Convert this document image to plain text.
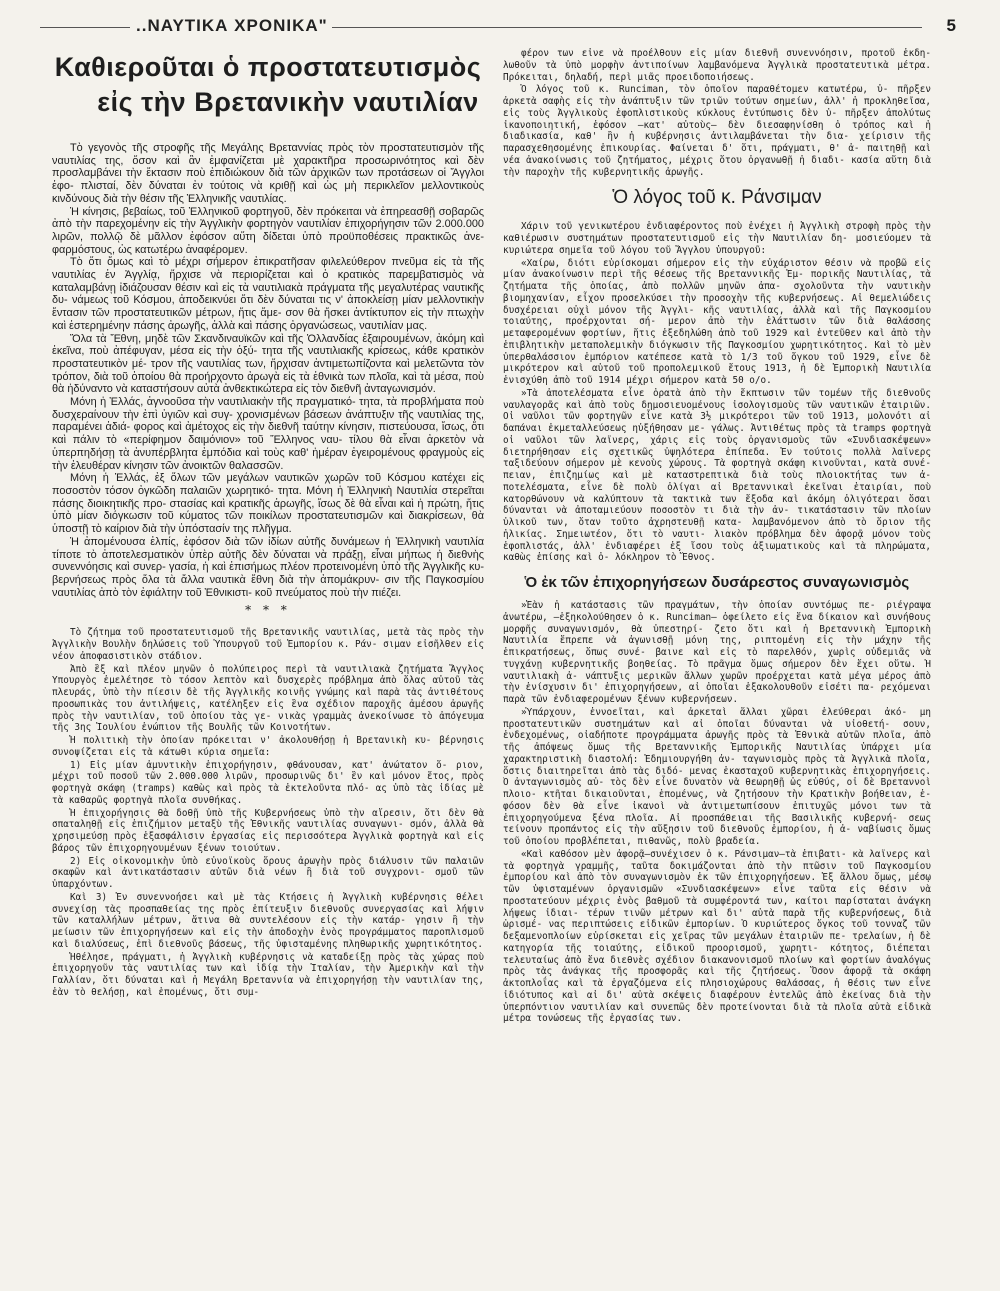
..ΝΑΥΤΙΚΑ ΧΡΟΝΙΚΑ"	5
Καθιεροῦται ὁ προστατευτισμὸς
εἰς τὴν Βρετανικὴν ναυτιλίαν

Τὸ γεγονὸς τῆς στροφῆς τῆς Μεγάλης Βρεταννίας πρὸς τὸν προστατευτισμὸν τῆς ναυτιλίας της, ὅσον καὶ ἂν ἐμφανίζεται μὲ χαρακτῆρα προσωρινότητος καὶ δὲν προσλαμβάνει τὴν ἔκτασιν ποὺ ἐπιδιώκουν διὰ τῶν ἀρχικῶν των προτάσεων οἱ Ἄγγλοι ἐφο- πλισταί, δὲν δύναται ἐν τούτοις νὰ κριθῇ καὶ ὡς μὴ περικλεῖον μελλοντικοὺς κινδύνους διὰ τὴν θέσιν τῆς Ἑλληνικῆς ναυτιλίας.

Ἡ κίνησις, βεβαίως, τοῦ Ἑλληνικοῦ φορτηγοῦ, δὲν πρόκειται νὰ ἐπηρεασθῇ σοβαρῶς ἀπὸ τὴν παρεχομένην εἰς τὴν Ἀγγλικὴν φορτηγὸν ναυτιλίαν ἐπιχορήγησιν τῶν 2.000.000 λιρῶν, πολλῷ δὲ μᾶλλον ἐφόσον αὕτη δίδεται ὑπὸ προϋποθέσεις πρακτικῶς ἀνε- φαρμόστους, ὡς κατωτέρω ἀναφέρομεν.

Τὸ ὅτι ὅμως καὶ τὸ μέχρι σήμερον ἐπικρατῆσαν φιλελεύθερον πνεῦμα εἰς τὰ τῆς ναυτιλίας ἐν Ἀγγλίᾳ, ἤρχισε νὰ περιορίζεται καὶ ὁ κρατικὸς παρεμβατισμὸς νὰ καταλαμβάνῃ ἰδιάζουσαν θέσιν καὶ εἰς τὰ ναυτιλιακὰ πράγματα τῆς μεγαλυτέρας ναυτικῆς δυ- νάμεως τοῦ Κόσμου, ἀποδεικνύει ὅτι δὲν δύναται τις ν' ἀποκλείσῃ μίαν μελλοντικὴν ἔντασιν τῶν προστατευτικῶν μέτρων, ἥτις ἄμε- σον θὰ ἤσκει ἀντίκτυπον εἰς τὴν πτωχὴν καὶ ἐστερημένην πάσης ἀρωγῆς, ἀλλὰ καὶ πάσης ὀργανώσεως, ναυτιλίαν μας.

Ὅλα τὰ Ἔθνη, μηδὲ τῶν Σκανδιναυϊκῶν καὶ τῆς Ὁλλανδίας ἐξαιρουμένων, ἀκόμη καὶ ἐκεῖνα, ποὺ ἀπέφυγαν, μέσα εἰς τὴν ὀξύ- τητα τῆς ναυτιλιακῆς κρίσεως, κάθε κρατικὸν προστατευτικὸν μέ- τρον τῆς ναυτιλίας των, ἤρχισαν ἀντιμετωπίζοντα καὶ μελετῶντα τὸν τρόπον, διὰ τοῦ ὁποίου θὰ προήρχοντο ἀρωγὰ εἰς τὰ ἐθνικὰ των πλοῖα, καὶ τὰ μέσα, ποὺ θὰ ἠδύναντο νὰ καταστήσουν αὐτὰ ἀνθεκτικώτερα εἰς τὸν διεθνῆ ἀνταγωνισμόν.

Μόνη ἡ Ἑλλάς, ἀγνοοῦσα τὴν ναυτιλιακὴν τῆς πραγματικό- τητα, τὰ προβλήματα ποὺ δυσχεραίνουν τὴν ἐπὶ ὑγιῶν καὶ συγ- χρονισμένων βάσεων ἀνάπτυξιν τῆς ναυτιλίας της, παραμένει ἀδιά- φορος καὶ ἀμέτοχος εἰς τὴν διεθνῆ ταύτην κίνησιν, πιστεύουσα, ἴσως, ὅτι καὶ πάλιν τὸ «περίφημον δαιμόνιον» τοῦ Ἕλληνος ναυ- τίλου θὰ εἶναι ἀρκετὸν νὰ ὑπερπηδήσῃ τὰ ἀνυπέρβλητα ἐμπόδια καὶ τοὺς καθ' ἡμέραν ἐγειρομένους φραγμοὺς εἰς τὴν ἐλευθέραν κίνησιν τῶν ἀνοικτῶν θαλασσῶν.

Μόνη ἡ Ἑλλάς, ἐξ ὅλων τῶν μεγάλων ναυτικῶν χωρῶν τοῦ Κόσμου κατέχει εἰς ποσοστὸν τόσον ὀγκῶδη παλαιῶν χωρητικό- τητα. Μόνη ἡ Ἑλληνικὴ Ναυτιλία στερεῖται πάσης διοικητικῆς προ- στασίας καὶ κρατικῆς ἀρωγῆς, ἴσως δὲ θὰ εἶναι καὶ ἡ πρώτη, ἥτις ὑπὸ μίαν διόγκωσιν τοῦ κύματος τῶν ποικίλων προστατευτισμῶν καὶ διακρίσεων, θὰ ὑποστῇ τὸ καίριον διὰ τὴν ὑπόστασίν της πλῆγμα.

Ἡ ἀπομένουσα ἐλπίς, ἐφόσον διὰ τῶν ἰδίων αὐτῆς δυνάμεων ἡ Ἑλληνικὴ ναυτιλία τίποτε τὸ ἀποτελεσματικὸν ὑπὲρ αὐτῆς δὲν δύναται νὰ πράξῃ, εἶναι μήπως ἡ διεθνὴς συνεννόησις καὶ συνερ- γασία, ἡ καὶ ἐπισήμως πλέον προτεινομένη ὑπὸ τῆς Ἀγγλικῆς κυ- βερνήσεως πρὸς ὅλα τὰ ἄλλα ναυτικὰ ἔθνη διὰ τὴν ἀπομάκρυν- σιν τῆς Παγκοσμίου ναυτιλίας ἀπὸ τὸν ἐφιάλτην τοῦ Ἐθνικιστι- κοῦ πνεύματος ποὺ τὴν πιέζει.

* * *

Τὸ ζήτημα τοῦ προστατευτισμοῦ τῆς Βρετανικῆς ναυτιλίας, μετὰ τὰς πρὸς τὴν Ἀγγλικὴν Βουλὴν δηλώσεις τοῦ Ὑπουργοῦ τοῦ Ἐμπορίου κ. Ράν- σιμαν εἰσῆλθεν εἰς νέον ἀποφασιστικὸν στάδιον.

Ἀπὸ ἓξ καὶ πλέον μηνῶν ὁ πολύπειρος περὶ τὰ ναυτιλιακὰ ζητήματα Ἄγγλος Ὑπουργὸς ἐμελέτησε τὸ τόσον λεπτὸν καὶ δυσχερὲς πρόβλημα ἀπὸ ὅλας αὐτοῦ τὰς πλευράς, ὑπὸ τὴν πίεσιν δὲ τῆς Ἀγγλικῆς κοινῆς γνώμης καὶ παρὰ τὰς ἀντιθέτους προσωπικὰς του ἀντιλήψεις, κατέληξεν εἰς ἓνα σχέδιον παροχῆς ἀμέσου ἀρωγῆς πρὸς τὴν ναυτιλίαν, τοῦ ὁποίου τὰς γε- νικὰς γραμμὰς ἀνεκοίνωσε τὸ ἀπόγευμα τῆς 3ης Ἰουλίου ἐνώπιον τῆς Βουλῆς τῶν Κοινοτήτων.

Ἡ πολιτικὴ τὴν ὁποίαν πρόκειται ν' ἀκολουθήσῃ ἡ Βρετανικὴ κυ- βέρνησις συνοψίζεται εἰς τὰ κάτωθι κύρια σημεῖα:

1) Εἰς μίαν ἀμυντικὴν ἐπιχορήγησιν, φθάνουσαν, κατ' ἀνώτατον ὅ- ριον, μέχρι τοῦ ποσοῦ τῶν 2.000.000 λιρῶν, προσωρινῶς δι' ἓν καὶ μόνον ἔτος, πρὸς φορτηγὰ σκάφη (tramps) καθὼς καὶ πρὸς τὰ ἐκτελοῦντα πλό- ας ὑπὸ τὰς ἰδίας μὲ τὰ καθαρῶς φορτηγὰ πλοῖα συνθήκας.

Ἡ ἐπιχορήγησις θὰ δοθῇ ὑπὸ τῆς Κυβερνήσεως ὑπὸ τὴν αἵρεσιν, ὅτι δὲν θὰ σπαταληθῇ εἰς ἐπιζήμιον μεταξὺ τῆς Ἐθνικῆς ναυτιλίας συναγωνι- σμόν, ἀλλὰ θὰ χρησιμεύσῃ πρὸς ἐξασφάλισιν ἐργασίας εἰς περισσότερα Ἀγγλικὰ φορτηγὰ καὶ εἰς βάρος τῶν ἐπιχορηγουμένων ξένων τοιούτων.

2) Εἰς οἰκονομικὴν ὑπὸ εὐνοϊκοὺς ὅρους ἀρωγὴν πρὸς διάλυσιν τῶν παλαιῶν σκαφῶν καὶ ἀντικατάστασιν αὐτῶν διὰ νέων ἢ διὰ τοῦ συγχρονι- σμοῦ τῶν ὑπαρχόντων.

Καὶ 3) Ἐν συνεννοήσει καὶ μὲ τὰς Κτήσεις ἡ Ἀγγλικὴ κυβέρνησις θέλει συνεχίσῃ τὰς προσπαθείας της πρὸς ἐπίτευξιν διεθνοῦς συνεργασίας καὶ λήψιν τῶν καταλλήλων μέτρων, ἅτινα θὰ συντελέσουν εἰς τὴν κατάρ- γησιν ἢ τὴν μείωσιν τῶν ἐπιχορηγήσεων καὶ εἰς τὴν ἀποδοχὴν ἑνὸς προγράμματος παροπλισμοῦ καὶ διαλύσεως, ἐπὶ διεθνοῦς βάσεως, τῆς ὑφισταμένης πληθωρικῆς χωρητικότητος.

Ἠθέλησε, πράγματι, ἡ Ἀγγλικὴ κυβέρνησις νὰ καταδείξῃ πρὸς τὰς χώρας ποὺ ἐπιχορηγοῦν τὰς ναυτιλίας των καὶ ἰδίᾳ τὴν Ἰταλίαν, τὴν Ἀμερικὴν καὶ τὴν Γαλλίαν, ὅτι δύναται καὶ ἡ Μεγάλη Βρεταννία νὰ ἐπιχορηγήσῃ τὴν ναυτιλίαν της, ἐὰν τὸ θελήσῃ, καὶ ἑπομένως, ὅτι συμ-

φέρον των εἶνε νὰ προέλθουν εἰς μίαν διεθνῆ συνεννόησιν, προτοῦ ἐκδη- λωθοῦν τὰ ὑπὸ μορφὴν ἀντιποίνων λαμβανόμενα Ἀγγλικὰ προστατευτικὰ μέτρα. Πρόκειται, δηλαδή, περὶ μιᾶς προειδοποιήσεως.

Ὁ λόγος τοῦ κ. Runciman, τὸν ὁποῖον παραθέτομεν κατωτέρω, ὑ- πῆρξεν ἀρκετὰ σαφὴς εἰς τὴν ἀνάπτυξιν τῶν τριῶν τούτων σημείων, ἀλλ' ἡ προκληθεῖσα, εἰς τοὺς Ἀγγλικοὺς ἐφοπλιστικοὺς κύκλους ἐντύπωσις δὲν ὑ- πῆρξεν ἀπολύτως ἱκανοποιητική, ἐφόσον —κατ' αὐτοὺς— δὲν διεσαφηνίσθη ὁ τρόπος καὶ ἡ διαδικασία, καθ' ἣν ἡ κυβέρνησις ἀντιλαμβάνεται τὴν δια- χείρισιν τῆς παρασχεθησομένης ἐπικουρίας. Φαίνεται δ' ὅτι, πράγματι, θ' ἀ- παιτηθῇ καὶ νέα ἀνακοίνωσις τοῦ ζητήματος, μέχρις ὅτου ὀργανωθῇ ἡ διαδι- κασία αὕτη διὰ τὴν παροχὴν τῆς κυβερνητικῆς ἀρωγῆς.

Ὁ λόγος τοῦ κ. Ράνσιμαν

Χάριν τοῦ γενικωτέρου ἐνδιαφέροντος ποὺ ἐνέχει ἡ Ἀγγλικὴ στροφὴ πρὸς τὴν καθιέρωσιν συστημάτων προστατευτισμοῦ εἰς τὴν Ναυτιλίαν δη- μοσιεύομεν τὰ κυριώτερα σημεῖα τοῦ λόγου τοῦ Ἄγγλου ὑπουργοῦ:

«Χαίρω, διότι εὑρίσκομαι σήμερον εἰς τὴν εὐχάριστον θέσιν νὰ προβῶ εἰς μίαν ἀνακοίνωσιν περὶ τῆς θέσεως τῆς Βρεταννικῆς Ἐμ- πορικῆς Ναυτιλίας, τὰ ζητήματα τῆς ὁποίας, ἀπὸ πολλῶν μηνῶν ἀπα- σχολοῦντα τὴν ναυτικὴν βιομηχανίαν, εἶχον προσελκύσει τὴν προσοχὴν τῆς κυβερνήσεως. Αἱ θεμελιώδεις δυσχέρειαι οὐχὶ μόνον τῆς Ἀγγλι- κῆς ναυτιλίας, ἀλλὰ καὶ τῆς Παγκοσμίου τοιαύτης, προέρχονται σή- μερον ἀπὸ τὴν ἐλάττωσιν τῶν διὰ θαλάσσης μεταφερομένων φορτίων, ἥτις ἐξεδηλώθη ἀπὸ τοῦ 1929 καὶ ἐντεῦθεν καὶ ἀπὸ τὴν ἐπιβλητικὴν μεταπολεμικὴν διόγκωσιν τῆς Παγκοσμίου χωρητικότητος. Καὶ τὸ μὲν ὑπερθαλάσσιον ἐμπόριον κατέπεσε κατὰ τὸ 1/3 τοῦ ὄγκου τοῦ 1929, εἶνε δὲ μικρότερον καὶ αὐτοῦ τοῦ προπολεμικοῦ ἔτους 1913, ἡ δὲ Ἐμπορικὴ Ναυτιλία ἐνισχύθη ἀπὸ τοῦ 1914 μέχρι σήμερον κατὰ 50 ο/ο.

»Τὰ ἀποτελέσματα εἶνε ὁρατὰ ἀπὸ τὴν ἔκπτωσιν τῶν τομέων τῆς διεθνοῦς ναυλαγορᾶς καὶ ἀπὸ τοὺς δημοσιευομένους ἰσολογισμοὺς τῶν ναυτικῶν ἑταιριῶν. Οἱ ναῦλοι τῶν φορτηγῶν εἶνε κατὰ 3½ μικρότεροι τῶν τοῦ 1913, μολονότι αἱ δαπάναι ἐκμεταλλεύσεως ηὐξήθησαν με- γάλως. Ἀντιθέτως πρὸς τὰ tramps φορτηγὰ οἱ ναῦλοι τῶν λαϊνερς, χάρις εἰς τοὺς ὀργανισμοὺς τῶν «Συνδιασκέψεων» διετηρήθησαν εἰς σχετικῶς ὑψηλότερα ἐπίπεδα. Ἐν τούτοις πολλὰ λαϊνερς ταξιδεύουν σήμερον μὲ κενοὺς χώρους. Τὰ φορτηγὰ σκάφη κινοῦνται, κατὰ συνέ- πειαν, ἐπιζημίως καὶ μὲ καταστρεπτικὰ διὰ τοὺς πλοιοκτήτας των ἀ- ποτελέσματα, εἶνε δὲ πολὺ ὀλίγαι αἱ Βρεταννικαὶ ἐκεῖναι ἑταιρίαι, ποὺ κατορθώνουν νὰ καλύπτουν τὰ τακτικὰ των ἔξοδα καὶ ἀκόμη ὀλιγότεραι ὅσαι δύνανται νὰ ἀποταμιεύουν ποσοστὸν τι διὰ τὴν ἀν- τικατάστασιν τῶν πλοίων ὑλικοῦ των, ὅταν τοῦτο ἀχρηστευθῇ κατα- λαμβανόμενον ἀπὸ τὸ ὅριον τῆς ἡλικίας. Σημειωτέον, ὅτι τὸ ναυτι- λιακὸν πρόβλημα δὲν ἀφορᾷ μόνον τοὺς ἐφοπλιστάς, ἀλλ' ἐνδιαφέρει ἐξ ἴσου τοὺς ἀξιωματικοὺς καὶ τὰ πληρώματα, καθὼς ἐπίσης καὶ ὁ- λόκληρον τὸ Ἔθνος.

Ὁ ἐκ τῶν ἐπιχορηγήσεων δυσάρεστος συναγωνισμὸς

»Ἐὰν ἡ κατάστασις τῶν πραγμάτων, τὴν ὁποίαν συντόμως πε- ριέγραψα ἀνωτέρω, —ἐξηκολούθησεν ὁ κ. Runciman— ὀφείλετο εἰς ἕνα δίκαιον καὶ συνήθους μορφῆς συναγωνισμόν, θὰ ὑπεστηρί- ζετο ὅτι καὶ ἡ Βρεταννικὴ Ἐμπορικὴ Ναυτιλία ἔπρεπε νὰ ἀγωνισθῇ μόνη της, ριπτομένη εἰς τὴν μάχην τῆς ἐπικρατήσεως, ὅπως συνέ- βαινε καὶ εἰς τὸ παρελθόν, χωρὶς οὐδεμιᾶς νὰ τυγχάνῃ κυβερνητικῆς βοηθείας. Τὸ πρᾶγμα ὅμως σήμερον δὲν ἔχει οὕτω. Ἡ ναυτιλιακὴ ἀ- νάπτυξις μερικῶν ἄλλων χωρῶν προέρχεται κατὰ μέγα μέρος ἀπὸ τὴν ἐνίσχυσιν δι' ἐπιχορηγήσεων, αἱ ὁποῖαι ἐξακολουθοῦν εἰσέτι πα- ρεχόμεναι παρὰ τῶν ἐνδιαφερομένων ξένων κυβερνήσεων.

»Ὑπάρχουν, ἐννοεῖται, καὶ ἀρκεταὶ ἄλλαι χῶραι ἐλεύθεραι ἀκό- μη προστατευτικῶν συστημάτων καὶ αἱ ὁποῖαι δύνανται νὰ υἱοθετή- σουν, ἐνδεχομένως, οἱαδήποτε προγράμματα ἀρωγῆς πρὸς τὰ Ἐθνικὰ αὐτῶν πλοῖα, ἀπὸ τῆς ἀπόψεως ὅμως τῆς Βρεταννικῆς Ἐμπορικῆς Ναυτιλίας ὑπάρχει μία χαρακτηριστικὴ διαστολή: Ἐδημιουργήθη ἀν- ταγωνισμὸς πρὸς τὰ Ἀγγλικὰ πλοῖα, ὅστις διαιτηρεῖται ἀπὸ τὰς διδό- μενας ἑκασταχοῦ κυβερνητικὰς ἐπιχορηγήσεις. Ὁ ἀνταγωνισμὸς αὐ- τὸς δὲν εἶνε δυνατὸν νὰ θεωρηθῇ ὡς εὐθύς, οἱ δὲ Βρεταννοὶ πλοιο- κτῆται δικαιοῦνται, ἑπομένως, νὰ ζητήσουν τὴν Κρατικὴν βοήθειαν, ἐ- φόσον δὲν θὰ εἶνε ἱκανοὶ νὰ ἀντιμετωπίσουν ἐπιτυχῶς μόνοι των τὰ ἐπιχορηγούμενα ξένα πλοῖα. Αἱ προσπάθειαι τῆς Βασιλικῆς κυβερνή- σεως τείνουν προπάντος εἰς τὴν αὔξησιν τοῦ διεθνοῦς ἐμπορίου, ἡ ἀ- ναβίωσις ὅμως τοῦ ὁποίου προβλέπεται, πιθανῶς, πολὺ βραδεία.

«Καὶ καθόσον μὲν ἀφορᾷ—συνέχισεν ὁ κ. Ράνσιμαν—τὰ ἐπιβατι- κὰ λαϊνερς καὶ τὰ φορτηγὰ γραμμῆς, ταῦτα δοκιμάζονται ἀπὸ τὴν πτῶσιν τοῦ Παγκοσμίου ἐμπορίου καὶ ἀπὸ τὸν συναγωνισμὸν ἐκ τῶν ἐπιχορηγήσεων. Ἐξ ἄλλου ὅμως, μέσῳ τῶν ὑφισταμένων ὀργανισμῶν «Συνδιασκέψεων» εἶνε ταῦτα εἰς θέσιν νὰ προστατεύουν μέχρις ἑνὸς βαθμοῦ τὰ συμφέροντά των, καίτοι παρίσταται ἀνάγκη λήψεως ἰδιαι- τέρων τινῶν μέτρων καὶ δι' αὐτὰ παρὰ τῆς κυβερνήσεως, διὰ ὡρισμέ- νας περιπτώσεις εἰδικῶν ἐμπορίων. Ὁ κυριώτερος ὄγκος τοῦ τονναζ τῶν δεξαμενοπλοίων εὑρίσκεται εἰς χεῖρας τῶν μεγάλων ἑταιριῶν πε- τρελαίων, ἡ δὲ κατηγορία τῆς τοιαύτης, εἰδικοῦ προορισμοῦ, χωρητι- κότητος, διέπεται τελευταίως ἀπὸ ἕνα διεθνὲς σχέδιον διακανονισμοῦ πλοίων καὶ φορτίων ἀναλόγως πρὸς τὰς ἀνάγκας τῆς προσφορᾶς καὶ τῆς ζητήσεως. Ὅσον ἀφορᾷ τὰ σκάφη ἀκτοπλοΐας καὶ τὰ ἐργαζόμενα εἰς πλησιοχώρους θαλάσσας, ἡ θέσις των εἶνε ἰδιότυπος καὶ αἱ δι' αὐτὰ σκέψεις διαφέρουν ἐντελῶς ἀπὸ ἐκείνας διὰ τὴν ὑπερπόντιον ναυτιλίαν καὶ συνεπῶς δὲν προτείνονται διὰ τὰ πλοῖα αὐτὰ εἰδικὰ μέτρα τονώσεως τῆς ἐργασίας των.
